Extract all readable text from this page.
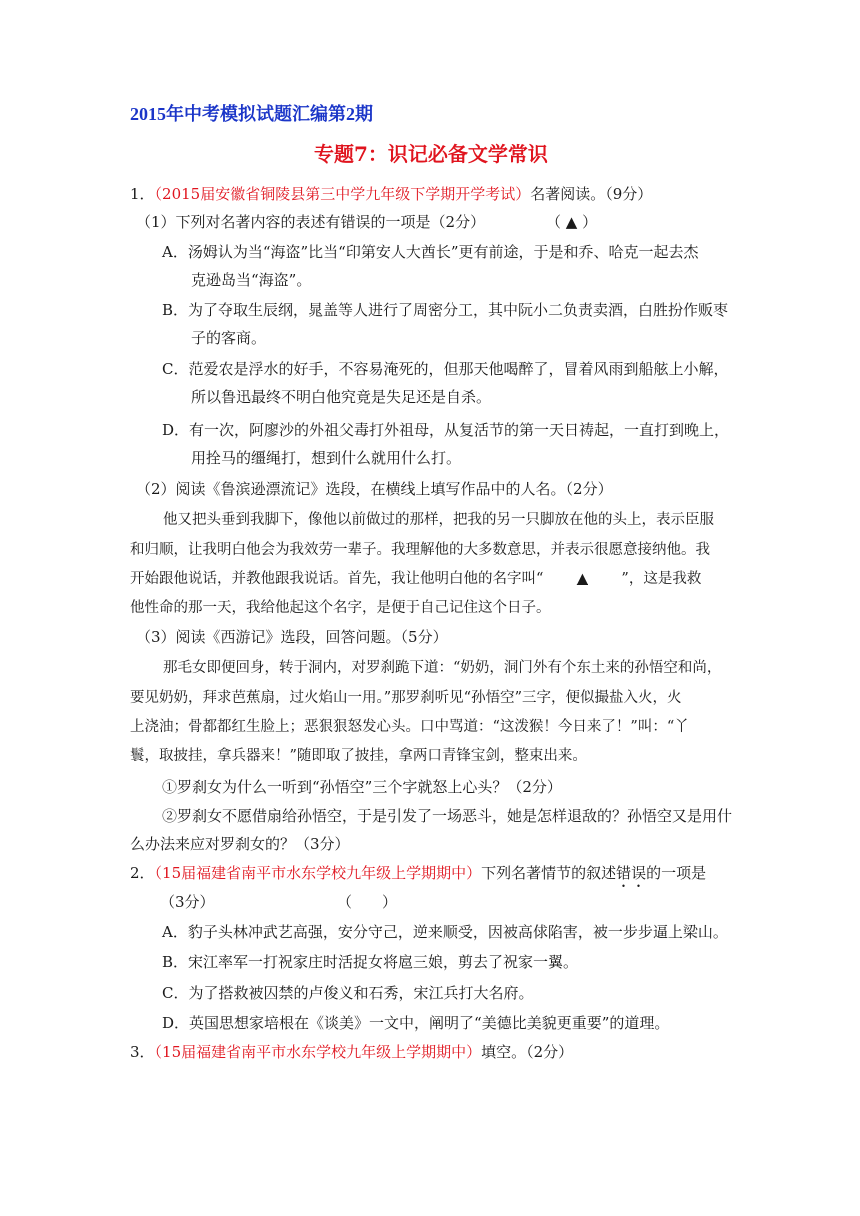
2015年中考模拟试题汇编第2期
专题7：识记必备文学常识
1．（2015届安徽省铜陵县第三中学九年级下学期开学考试）名著阅读。（9分）
（1）下列对名著内容的表述有错误的一项是（2分）	（ ▲ ）
A．汤姆认为当“海盗”比当“印第安人大酋长”更有前途，于是和乔、哈克一起去杰
克逊岛当“海盗”。
B．为了夺取生辰纲，晁盖等人进行了周密分工，其中阮小二负责卖酒，白胜扮作贩枣
子的客商。
C．范爱农是浮水的好手，不容易淹死的，但那天他喝醉了，冒着风雨到船舷上小解，
所以鲁迅最终不明白他究竟是失足还是自杀。
D．有一次，阿廖沙的外祖父毒打外祖母，从复活节的第一天日祷起，一直打到晚上，
用拴马的缰绳打，想到什么就用什么打。
（2）阅读《鲁滨逊漂流记》选段，在横线上填写作品中的人名。（2分）
他又把头垂到我脚下，像他以前做过的那样，把我的另一只脚放在他的头上，表示臣服
和归顺，让我明白他会为我效劳一辈子。我理解他的大多数意思，并表示很愿意接纳他。我
开始跟他说话，并教他跟我说话。首先，我让他明白他的名字叫“ ▲ ”，这是我救
他性命的那一天，我给他起这个名字，是便于自己记住这个日子。
（3）阅读《西游记》选段，回答问题。（5分）
那毛女即便回身，转于洞内，对罗刹跪下道：“奶奶，洞门外有个东土来的孙悟空和尚，
要见奶奶，拜求芭蕉扇，过火焰山一用。”那罗刹听见“孙悟空”三字，便似撮盐入火，火
上浇油；骨都都红生脸上；恶狠狠怒发心头。口中骂道：“这泼猴！今日来了！”叫：“丫
鬟，取披挂，拿兵器来！”随即取了披挂，拿两口青锋宝剑，整束出来。
①罗刹女为什么一听到“孙悟空”三个字就怒上心头？（2分）
②罗刹女不愿借扇给孙悟空，于是引发了一场恶斗，她是怎样退敌的？孙悟空又是用什
么办法来应对罗刹女的？（3分）
2．（15届福建省南平市水东学校九年级上学期期中）下列名著情节的叙述错误的一项是
（3分）	（　　）
A．豹子头林冲武艺高强，安分守己，逆来顺受，因被高俅陷害，被一步步逼上梁山。
B．宋江率军一打祝家庄时活捉女将扈三娘，剪去了祝家一翼。
C．为了搭救被囚禁的卢俊义和石秀，宋江兵打大名府。
D．英国思想家培根在《谈美》一文中，阐明了“美德比美貌更重要”的道理。
3．（15届福建省南平市水东学校九年级上学期期中）填空。（2分）
